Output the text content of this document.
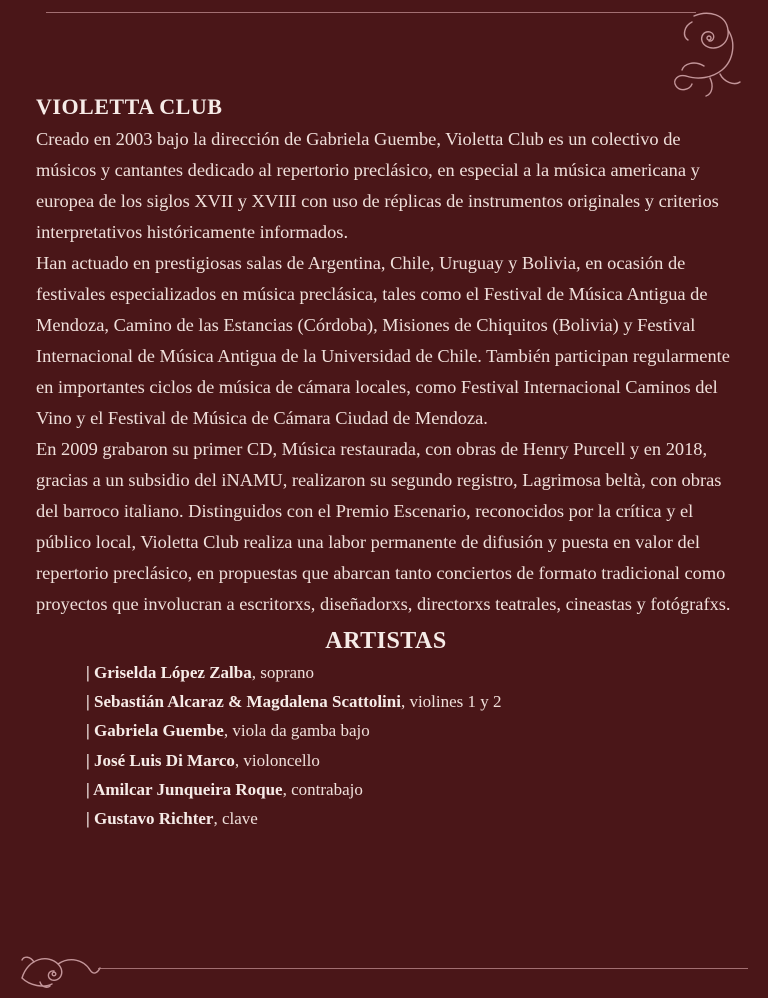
VIOLETTA CLUB

Creado en 2003 bajo la dirección de Gabriela Guembe, Violetta Club es un colectivo de músicos y cantantes dedicado al repertorio preclásico, en especial a la música americana y europea de los siglos XVII y XVIII con uso de réplicas de instrumentos originales y criterios interpretativos históricamente informados.

Han actuado en prestigiosas salas de Argentina, Chile, Uruguay y Bolivia, en ocasión de festivales especializados en música preclásica, tales como el Festival de Música Antigua de Mendoza, Camino de las Estancias (Córdoba), Misiones de Chiquitos (Bolivia) y Festival Internacional de Música Antigua de la Universidad de Chile. También participan regularmente en importantes ciclos de música de cámara locales, como Festival Internacional Caminos del Vino y el Festival de Música de Cámara Ciudad de Mendoza.

En 2009 grabaron su primer CD, Música restaurada, con obras de Henry Purcell y en 2018, gracias a un subsidio del iNAMU, realizaron su segundo registro, Lagrimosa beltà, con obras del barroco italiano. Distinguidos con el Premio Escenario, reconocidos por la crítica y el público local, Violetta Club realiza una labor permanente de difusión y puesta en valor del repertorio preclásico, en propuestas que abarcan tanto conciertos de formato tradicional como proyectos que involucran a escritorxs, diseñadorxs, directorxs teatrales, cineastas y fotógrafxs.

ARTISTAS
| Griselda López Zalba, soprano
| Sebastián Alcaraz & Magdalena Scattolini, violines 1 y 2
| Gabriela Guembe, viola da gamba bajo
| José Luis Di Marco, violoncello
| Amilcar Junqueira Roque, contrabajo
| Gustavo Richter, clave
